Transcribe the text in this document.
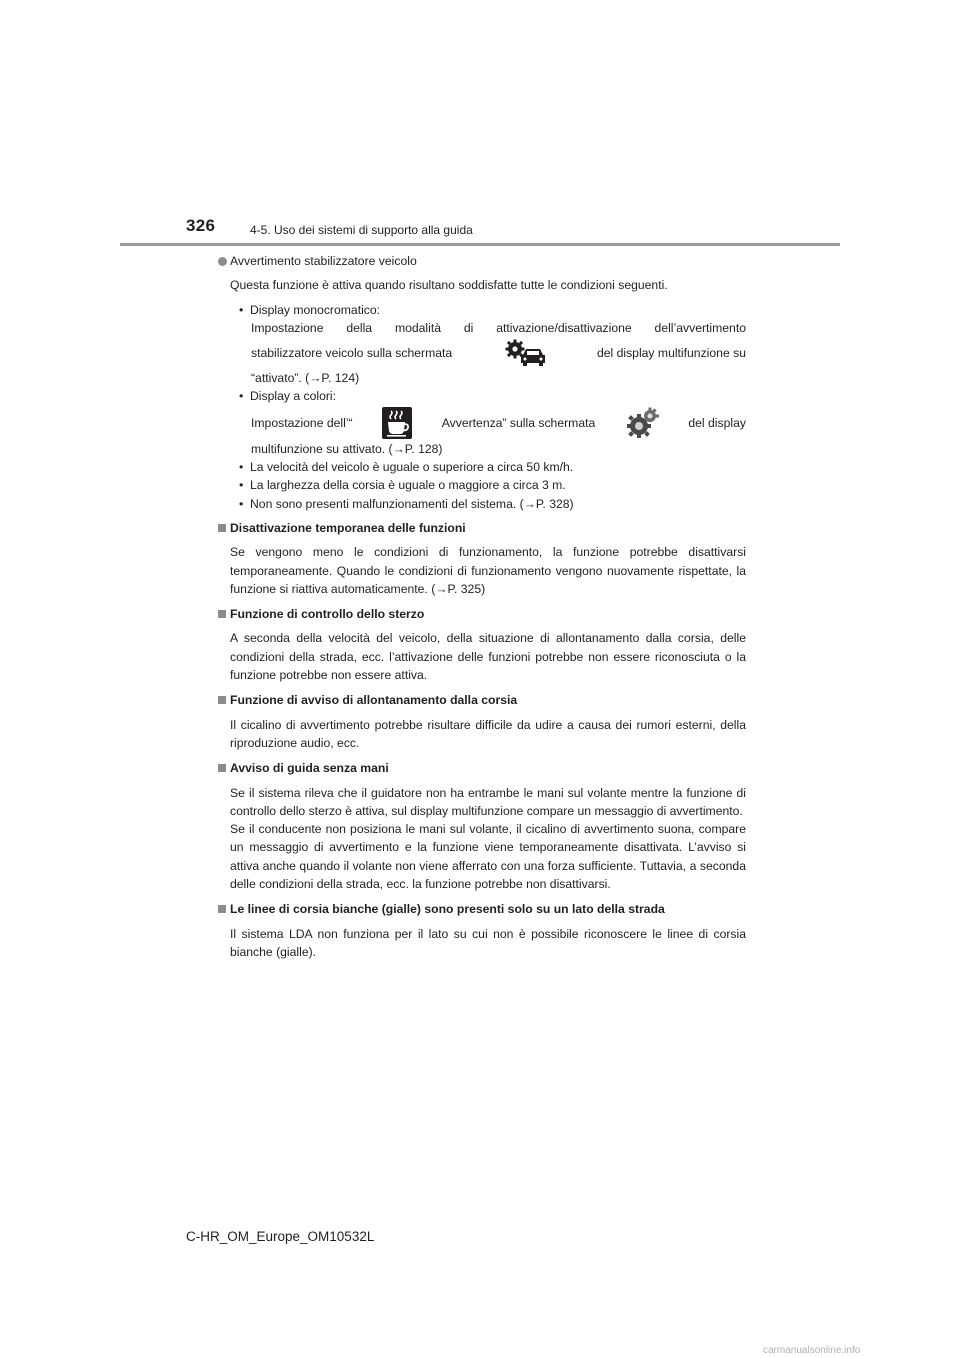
326	4-5. Uso dei sistemi di supporto alla guida
Avvertimento stabilizzatore veicolo
Questa funzione è attiva quando risultano soddisfatte tutte le condizioni seguenti.
• Display monocromatico:
Impostazione della modalità di attivazione/disattivazione dell’avvertimento
stabilizzatore veicolo sulla schermata	del display multifunzione su
“attivato”. (→P. 124)
• Display a colori:
Impostazione dell’“	Avvertenza” sulla schermata	del display
multifunzione su attivato. (→P. 128)
• La velocità del veicolo è uguale o superiore a circa 50 km/h.
• La larghezza della corsia è uguale o maggiore a circa 3 m.
• Non sono presenti malfunzionamenti del sistema. (→P. 328)
Disattivazione temporanea delle funzioni
Se vengono meno le condizioni di funzionamento, la funzione potrebbe disattivarsi temporaneamente. Quando le condizioni di funzionamento vengono nuovamente rispettate, la funzione si riattiva automaticamente. (→P. 325)
Funzione di controllo dello sterzo
A seconda della velocità del veicolo, della situazione di allontanamento dalla corsia, delle condizioni della strada, ecc. l’attivazione delle funzioni potrebbe non essere riconosciuta o la funzione potrebbe non essere attiva.
Funzione di avviso di allontanamento dalla corsia
Il cicalino di avvertimento potrebbe risultare difficile da udire a causa dei rumori esterni, della riproduzione audio, ecc.
Avviso di guida senza mani
Se il sistema rileva che il guidatore non ha entrambe le mani sul volante mentre la funzione di controllo dello sterzo è attiva, sul display multifunzione compare un messaggio di avvertimento.
Se il conducente non posiziona le mani sul volante, il cicalino di avvertimento suona, compare un messaggio di avvertimento e la funzione viene temporaneamente disattivata. L’avviso si attiva anche quando il volante non viene afferrato con una forza sufficiente. Tuttavia, a seconda delle condizioni della strada, ecc. la funzione potrebbe non disattivarsi.
Le linee di corsia bianche (gialle) sono presenti solo su un lato della strada
Il sistema LDA non funziona per il lato su cui non è possibile riconoscere le linee di corsia bianche (gialle).
C-HR_OM_Europe_OM10532L
carmanualsonline.info
